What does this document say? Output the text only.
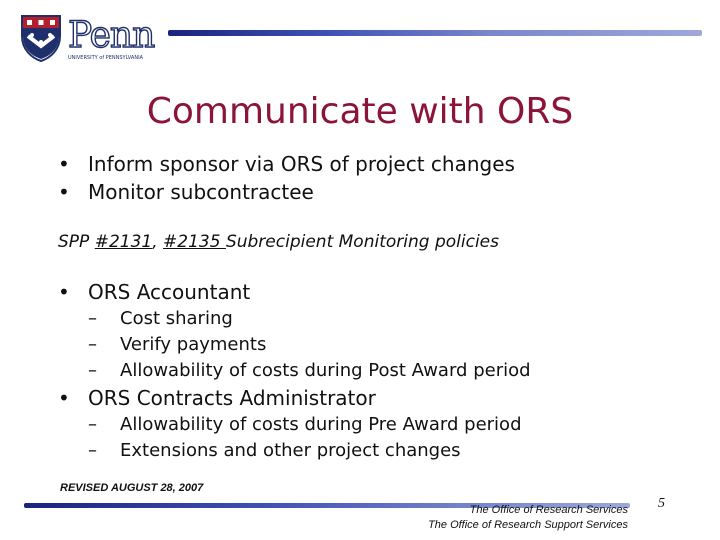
Penn
UNIVERSITY of PENNSYLVANIA
Communicate with ORS
• Inform sponsor via ORS of project changes
• Monitor subcontractee
SPP #2131, #2135 Subrecipient Monitoring policies
• ORS Accountant
– Cost sharing
– Verify payments
– Allowability of costs during Post Award period
• ORS Contracts Administrator
– Allowability of costs during Pre Award period
– Extensions and other project changes
REVISED AUGUST 28, 2007
The Office of Research Services
The Office of Research Support Services
5
